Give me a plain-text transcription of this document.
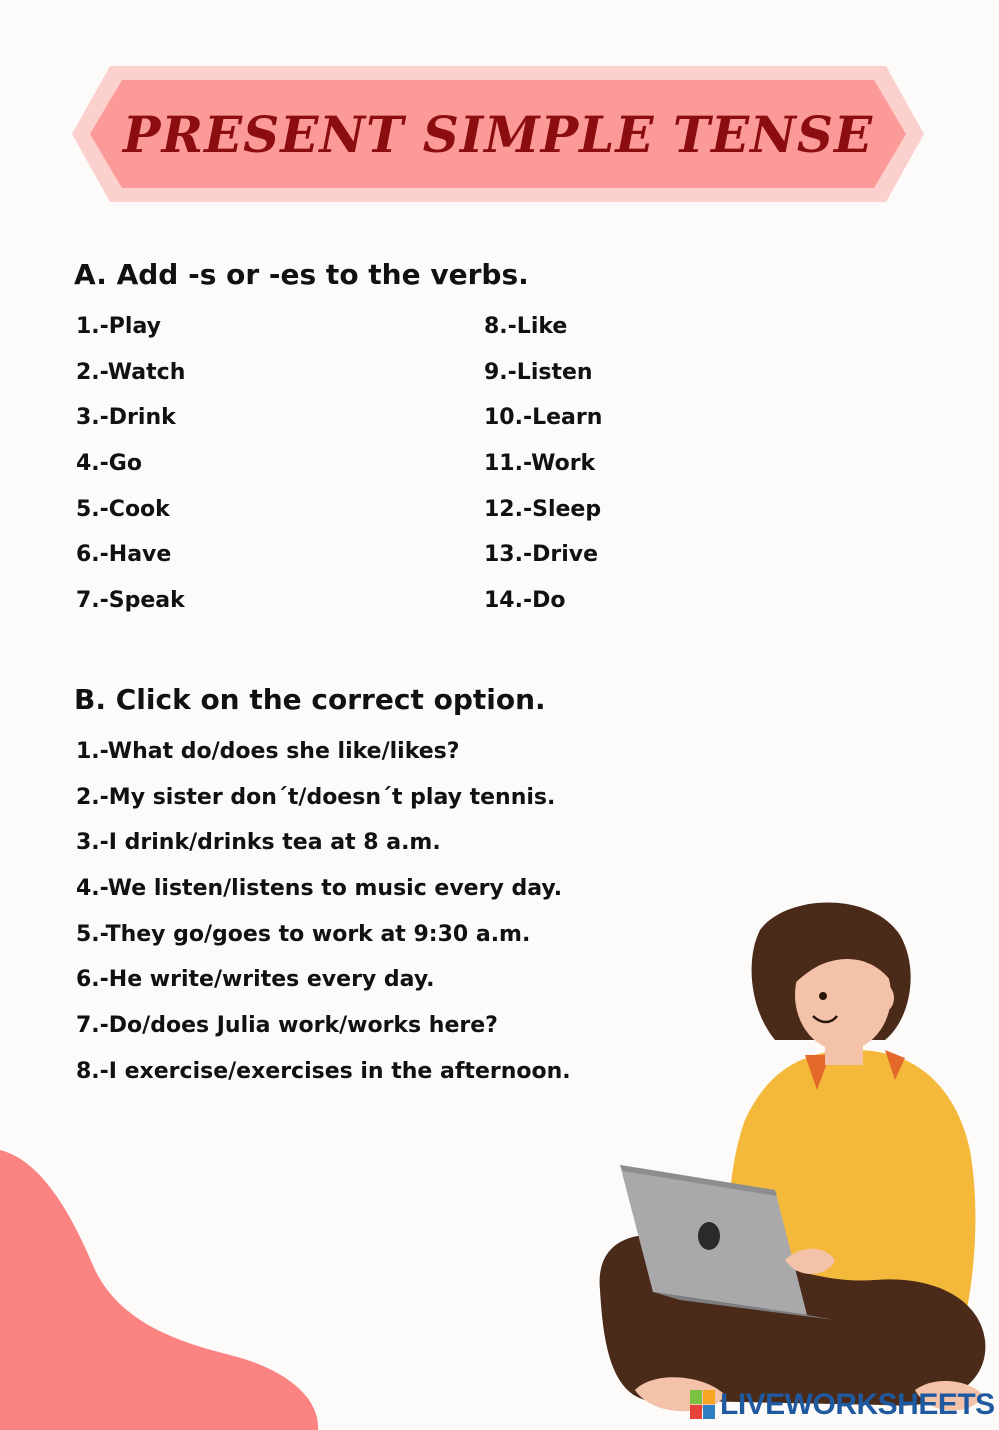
PRESENT SIMPLE TENSE
A. Add -s or -es to the verbs.
1.-Play
2.-Watch
3.-Drink
4.-Go
5.-Cook
6.-Have
7.-Speak
8.-Like
9.-Listen
10.-Learn
11.-Work
12.-Sleep
13.-Drive
14.-Do
B. Click on the correct option.
1.-What do/does she like/likes?
2.-My sister don´t/doesn´t play tennis.
3.-I drink/drinks tea at 8 a.m.
4.-We listen/listens to music every day.
5.-They go/goes to work at 9:30 a.m.
6.-He write/writes every day.
7.-Do/does Julia work/works here?
8.-I exercise/exercises in the afternoon.
LIVEWORKSHEETS
